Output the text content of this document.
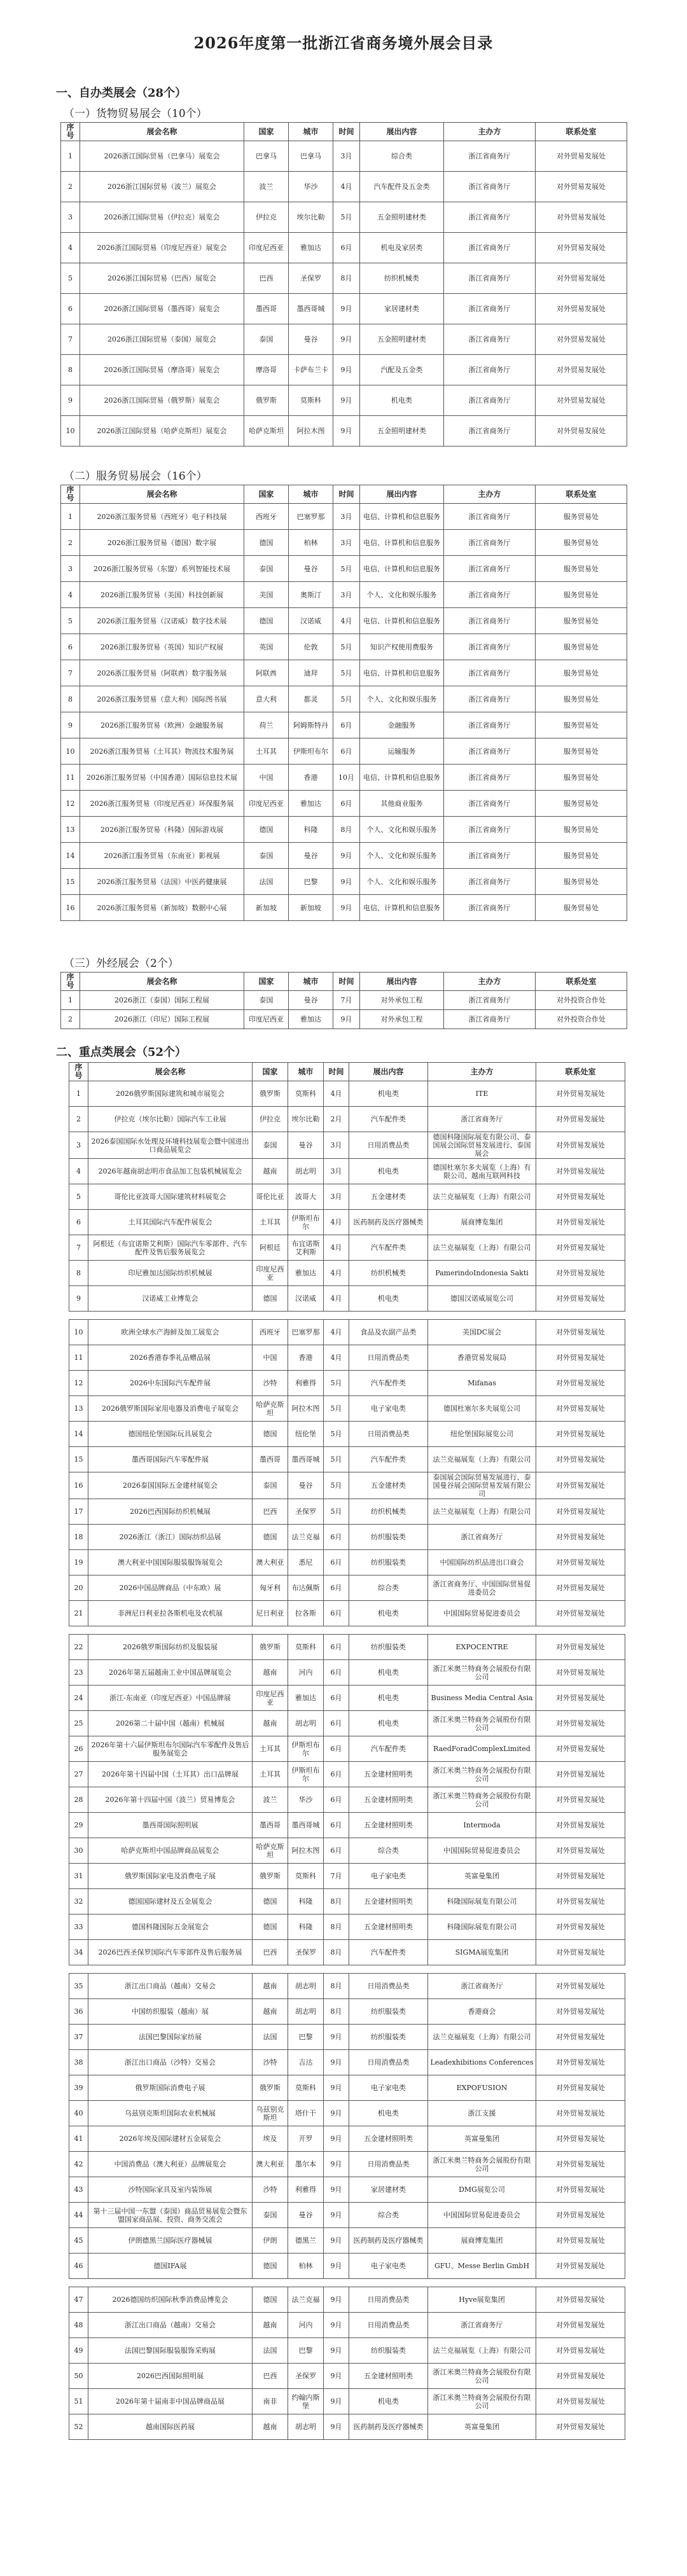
2026年度第一批浙江省商务境外展会目录
一、自办类展会（28个）
（一）货物贸易展会（10个）
序号	展会名称	国家	城市	时间	展出内容	主办方	联系处室
1	2026浙江国际贸易（巴拿马）展览会	巴拿马	巴拿马	3月	综合类	浙江省商务厅	对外贸易发展处
2	2026浙江国际贸易（波兰）展览会	波兰	华沙	4月	汽车配件及五金类	浙江省商务厅	对外贸易发展处
3	2026浙江国际贸易（伊拉克）展览会	伊拉克	埃尔比勒	5月	五金照明建材类	浙江省商务厅	对外贸易发展处
4	2026浙江国际贸易（印度尼西亚）展览会	印度尼西亚	雅加达	6月	机电及家居类	浙江省商务厅	对外贸易发展处
5	2026浙江国际贸易（巴西）展览会	巴西	圣保罗	8月	纺织机械类	浙江省商务厅	对外贸易发展处
6	2026浙江国际贸易（墨西哥）展览会	墨西哥	墨西哥城	9月	家居建材类	浙江省商务厅	对外贸易发展处
7	2026浙江国际贸易（泰国）展览会	泰国	曼谷	9月	五金照明建材类	浙江省商务厅	对外贸易发展处
8	2026浙江国际贸易（摩洛哥）展览会	摩洛哥	卡萨布兰卡	9月	汽配及五金类	浙江省商务厅	对外贸易发展处
9	2026浙江国际贸易（俄罗斯）展览会	俄罗斯	莫斯科	9月	机电类	浙江省商务厅	对外贸易发展处
10	2026浙江国际贸易（哈萨克斯坦）展览会	哈萨克斯坦	阿拉木图	9月	五金照明建材类	浙江省商务厅	对外贸易发展处
（二）服务贸易展会（16个）
序号	展会名称	国家	城市	时间	展出内容	主办方	联系处室
1	2026浙江服务贸易（西班牙）电子科技展	西班牙	巴塞罗那	3月	电信、计算机和信息服务	浙江省商务厅	服务贸易处
2	2026浙江服务贸易（德国）数字展	德国	柏林	3月	电信、计算机和信息服务	浙江省商务厅	服务贸易处
3	2026浙江服务贸易（东盟）系列智能技术展	泰国	曼谷	5月	电信、计算机和信息服务	浙江省商务厅	服务贸易处
4	2026浙江服务贸易（美国）科技创新展	美国	奥斯汀	3月	个人、文化和娱乐服务	浙江省商务厅	服务贸易处
5	2026浙江服务贸易（汉诺威）数字技术展	德国	汉诺威	4月	电信、计算机和信息服务	浙江省商务厅	服务贸易处
6	2026浙江服务贸易（英国）知识产权展	英国	伦敦	5月	知识产权使用费服务	浙江省商务厅	服务贸易处
7	2026浙江服务贸易（阿联酋）数字服务展	阿联酋	迪拜	5月	电信、计算机和信息服务	浙江省商务厅	服务贸易处
8	2026浙江服务贸易（意大利）国际图书展	意大利	都灵	5月	个人、文化和娱乐服务	浙江省商务厅	服务贸易处
9	2026浙江服务贸易（欧洲）金融服务展	荷兰	阿姆斯特丹	6月	金融服务	浙江省商务厅	服务贸易处
10	2026浙江服务贸易（土耳其）物流技术服务展	土耳其	伊斯坦布尔	6月	运输服务	浙江省商务厅	服务贸易处
11	2026浙江服务贸易（中国香港）国际信息技术展	中国	香港	10月	电信、计算机和信息服务	浙江省商务厅	服务贸易处
12	2026浙江服务贸易（印度尼西亚）环保服务展	印度尼西亚	雅加达	6月	其他商业服务	浙江省商务厅	服务贸易处
13	2026浙江服务贸易（科隆）国际游戏展	德国	科隆	8月	个人、文化和娱乐服务	浙江省商务厅	服务贸易处
14	2026浙江服务贸易（东南亚）影视展	泰国	曼谷	9月	个人、文化和娱乐服务	浙江省商务厅	服务贸易处
15	2026浙江服务贸易（法国）中医药健康展	法国	巴黎	9月	个人、文化和娱乐服务	浙江省商务厅	服务贸易处
16	2026浙江服务贸易（新加坡）数据中心展	新加坡	新加坡	9月	电信、计算机和信息服务	浙江省商务厅	服务贸易处
（三）外经展会（2个）
序号	展会名称	国家	城市	时间	展出内容	主办方	联系处室
1	2026浙江（泰国）国际工程展	泰国	曼谷	7月	对外承包工程	浙江省商务厅	对外投资合作处
2	2026浙江（印尼）国际工程展	印度尼西亚	雅加达	9月	对外承包工程	浙江省商务厅	对外投资合作处
二、重点类展会（52个）
序号	展会名称	国家	城市	时间	展出内容	主办方	联系处室
1	2026俄罗斯国际建筑和城市展览会	俄罗斯	莫斯科	4月	机电类	ITE	对外贸易发展处
2	伊拉克（埃尔比勒）国际汽车工业展	伊拉克	埃尔比勒	2月	汽车配件类	浙江省商务厅	对外贸易发展处
3	2026泰国国际水处理及环境科技展览会暨中国进出口商品展览会	泰国	曼谷	3月	日用消费品类	德国科隆国际展览有限公司、泰国展会国际贸易发展进行、泰国展会	对外贸易发展处
4	2026年越南胡志明市食品加工包装机械展览会	越南	胡志明	3月	机电类	德国杜塞尔多夫展览（上海）有限公司、越南互联网科技	对外贸易发展处
5	哥伦比亚波哥大国际建筑材料展览会	哥伦比亚	波哥大	3月	五金建材类	法兰克福展览（上海）有限公司	对外贸易发展处
6	土耳其国际汽车配件展览会	土耳其	伊斯坦布尔	4月	医药制药及医疗器械类	展商博览集团	对外贸易发展处
7	阿根廷（布宜诺斯艾利斯）国际汽车零部件、汽车配件及售后服务展览会	阿根廷	布宜诺斯艾利斯	4月	汽车配件类	法兰克福展览（上海）有限公司	对外贸易发展处
8	印尼雅加达国际纺织机械展	印度尼西亚	雅加达	4月	纺织机械类	PamerindoIndonesia Sakti	对外贸易发展处
9	汉诺威工业博览会	德国	汉诺威	4月	机电类	德国汉诺威展览公司	对外贸易发展处

10	欧洲全球水产海鲜及加工展览会	西班牙	巴塞罗那	4月	食品及农副产品类	美国DC展会	对外贸易发展处
11	2026香港春季礼品赠品展	中国	香港	4月	日用消费品类	香港贸易发展局	对外贸易发展处
12	2026中东国际汽车配件展	沙特	利雅得	5月	汽车配件类	Mifanas	对外贸易发展处
13	2026俄罗斯国际家用电器及消费电子展览会	哈萨克斯坦	阿拉木图	5月	电子家电类	德国杜塞尔多夫展览公司	对外贸易发展处
14	德国纽伦堡国际玩具展览会	德国	纽伦堡	5月	日用消费品类	纽伦堡国际展览公司	对外贸易发展处
15	墨西哥国际汽车零配件展	墨西哥	墨西哥城	5月	汽车配件类	法兰克福展览（上海）有限公司	对外贸易发展处
16	2026泰国国际五金建材展览会	泰国	曼谷	5月	五金建材类	泰国展会国际贸易发展进行、泰国曼谷展会国际贸易发展有限公司	对外贸易发展处
17	2026巴西国际纺织机械展	巴西	圣保罗	5月	纺织机械类	法兰克福展览（上海）有限公司	对外贸易发展处
18	2026浙江（浙江）国际纺织品展	德国	法兰克福	6月	纺织服装类	浙江省商务厅	对外贸易发展处
19	澳大利亚中国国际服装服饰展览会	澳大利亚	悉尼	6月	纺织服装类	中国国际纺织品进出口商会	对外贸易发展处
20	2026中国品牌商品（中东欧）展	匈牙利	布达佩斯	6月	综合类	浙江省商务厅、中国国际贸易促进委员会	对外贸易发展处
21	非洲尼日利亚拉各斯机电及农机展	尼日利亚	拉各斯	6月	机电类	中国国际贸易促进委员会	对外贸易发展处

22	2026俄罗斯国际纺织及服装展	俄罗斯	莫斯科	6月	纺织服装类	EXPOCENTRE	对外贸易发展处
23	2026年第五届越南工业中国品牌展览会	越南	河内	6月	机电类	浙江米奥兰特商务会展股份有限公司	对外贸易发展处
24	浙江-东南亚（印度尼西亚）中国品牌展	印度尼西亚	雅加达	6月	机电类	Business Media Central Asia	对外贸易发展处
25	2026第二十届中国（越南）机械展	越南	胡志明	6月	机电类	浙江米奥兰特商务会展股份有限公司	对外贸易发展处
26	2026年第十六届伊斯坦布尔国际汽车零配件及售后服务展览会	土耳其	伊斯坦布尔	6月	汽车配件类	RaedForadComplexLimited	对外贸易发展处
27	2026年第十四届中国（土耳其）出口品牌展	土耳其	伊斯坦布尔	6月	五金建材照明类	浙江米奥兰特商务会展股份有限公司	对外贸易发展处
28	2026年第十四届中国（波兰）贸易博览会	波兰	华沙	6月	五金建材照明类	浙江米奥兰特商务会展股份有限公司	对外贸易发展处
29	墨西哥国际照明展	墨西哥	墨西哥城	6月	五金建材照明类	Intermoda	对外贸易发展处
30	哈萨克斯坦中国品牌商品展览会	哈萨克斯坦	阿拉木图	6月	综合类	中国国际贸易促进委员会	对外贸易发展处
31	俄罗斯国际家电及消费电子展	俄罗斯	莫斯科	7月	电子家电类	英富曼集团	对外贸易发展处
32	德国国际建材及五金展览会	德国	科隆	8月	五金建材照明类	科隆国际展览有限公司	对外贸易发展处
33	德国科隆国际五金展览会	德国	科隆	8月	五金建材照明类	科隆国际展览有限公司	对外贸易发展处
34	2026巴西圣保罗国际汽车零部件及售后服务展	巴西	圣保罗	8月	汽车配件类	SIGMA展览集团	对外贸易发展处

35	浙江出口商品（越南）交易会	越南	胡志明	8月	日用消费品类	浙江省商务厅	对外贸易发展处
36	中国纺织服装（越南）展	越南	胡志明	8月	纺织服装类	香港商会	对外贸易发展处
37	法国巴黎国际家纺展	法国	巴黎	9月	纺织服装类	法兰克福展览（上海）有限公司	对外贸易发展处
38	浙江出口商品（沙特）交易会	沙特	吉达	9月	日用消费品类	Leadexhibitions Conferences	对外贸易发展处
39	俄罗斯国际消费电子展	俄罗斯	莫斯科	9月	电子家电类	EXPOFUSION	对外贸易发展处
40	乌兹别克斯坦国际农业机械展	乌兹别克斯坦	塔什干	9月	机电类	浙江支援	对外贸易发展处
41	2026年埃及国际建材五金展览会	埃及	开罗	9月	五金建材照明类	英富曼集团	对外贸易发展处
42	中国消费品（澳大利亚）品牌展览会	澳大利亚	墨尔本	9月	日用消费品类	浙江米奥兰特商务会展股份有限公司	对外贸易发展处
43	沙特国际家具及室内装饰展	沙特	利雅得	9月	家居建材类	DMG展览公司	对外贸易发展处
44	第十三届中国一东盟（泰国）商品贸易展览会暨东盟国家商品展、投资、商务交流会	泰国	曼谷	9月	综合类	中国国际贸易促进委员会	对外贸易发展处
45	伊朗德黑兰国际医疗器械展	伊朗	德黑兰	9月	医药制药及医疗器械类	展商博览集团	对外贸易发展处
46	德国IFA展	德国	柏林	9月	电子家电类	GFU、Messe Berlin GmbH	对外贸易发展处

47	2026德国纺织国际秋季消费品博览会	德国	法兰克福	9月	日用消费品类	Hyve展览集团	对外贸易发展处
48	浙江出口商品（越南）交易会	越南	河内	9月	日用消费品类	浙江省商务厅	对外贸易发展处
49	法国巴黎国际服装服饰采购展	法国	巴黎	9月	纺织服装类	法兰克福展览（上海）有限公司	对外贸易发展处
50	2026巴西国际照明展	巴西	圣保罗	9月	五金建材照明类	浙江米奥兰特商务会展股份有限公司	对外贸易发展处
51	2026年第十届南非中国品牌商品展	南非	约翰内斯堡	9月	机电类	浙江米奥兰特商务会展股份有限公司	对外贸易发展处
52	越南国际医药展	越南	胡志明	9月	医药制药及医疗器械类	英富曼集团	对外贸易发展处
